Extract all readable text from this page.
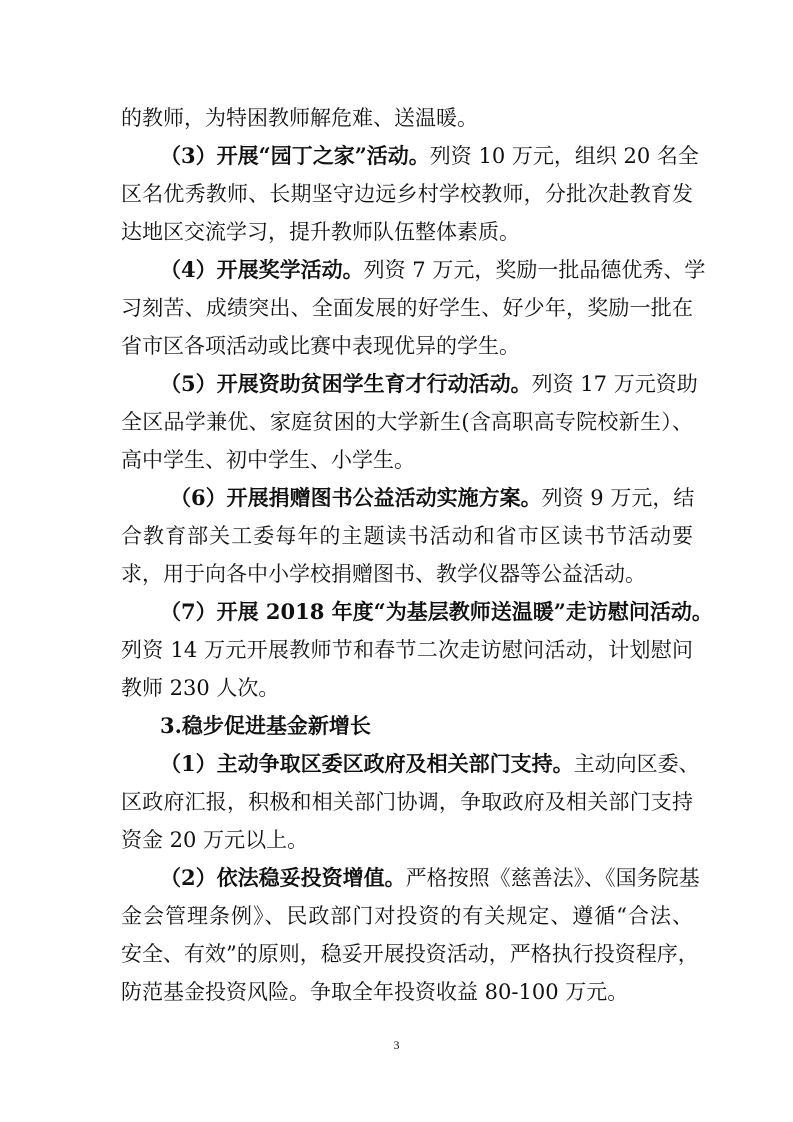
的教师，为特困教师解危难、送温暖。
（3）开展“园丁之家”活动。列资 10 万元，组织 20 名全
区名优秀教师、长期坚守边远乡村学校教师，分批次赴教育发
达地区交流学习，提升教师队伍整体素质。
（4）开展奖学活动。列资 7 万元，奖励一批品德优秀、学
习刻苦、成绩突出、全面发展的好学生、好少年，奖励一批在
省市区各项活动或比赛中表现优异的学生。
（5）开展资助贫困学生育才行动活动。列资 17 万元资助
全区品学兼优、家庭贫困的大学新生(含高职高专院校新生）、
高中学生、初中学生、小学生。
（6）开展捐赠图书公益活动实施方案。列资 9 万元，结
合教育部关工委每年的主题读书活动和省市区读书节活动要
求，用于向各中小学校捐赠图书、教学仪器等公益活动。
（7）开展 2018 年度“为基层教师送温暖”走访慰问活动。
列资 14 万元开展教师节和春节二次走访慰问活动，计划慰问
教师 230 人次。
3.稳步促进基金新增长
（1）主动争取区委区政府及相关部门支持。主动向区委、
区政府汇报，积极和相关部门协调，争取政府及相关部门支持
资金 20 万元以上。
（2）依法稳妥投资增值。严格按照《慈善法》、《国务院基
金会管理条例》、民政部门对投资的有关规定、遵循“合法、
安全、有效”的原则，稳妥开展投资活动，严格执行投资程序，
防范基金投资风险。争取全年投资收益 80-100 万元。
3
